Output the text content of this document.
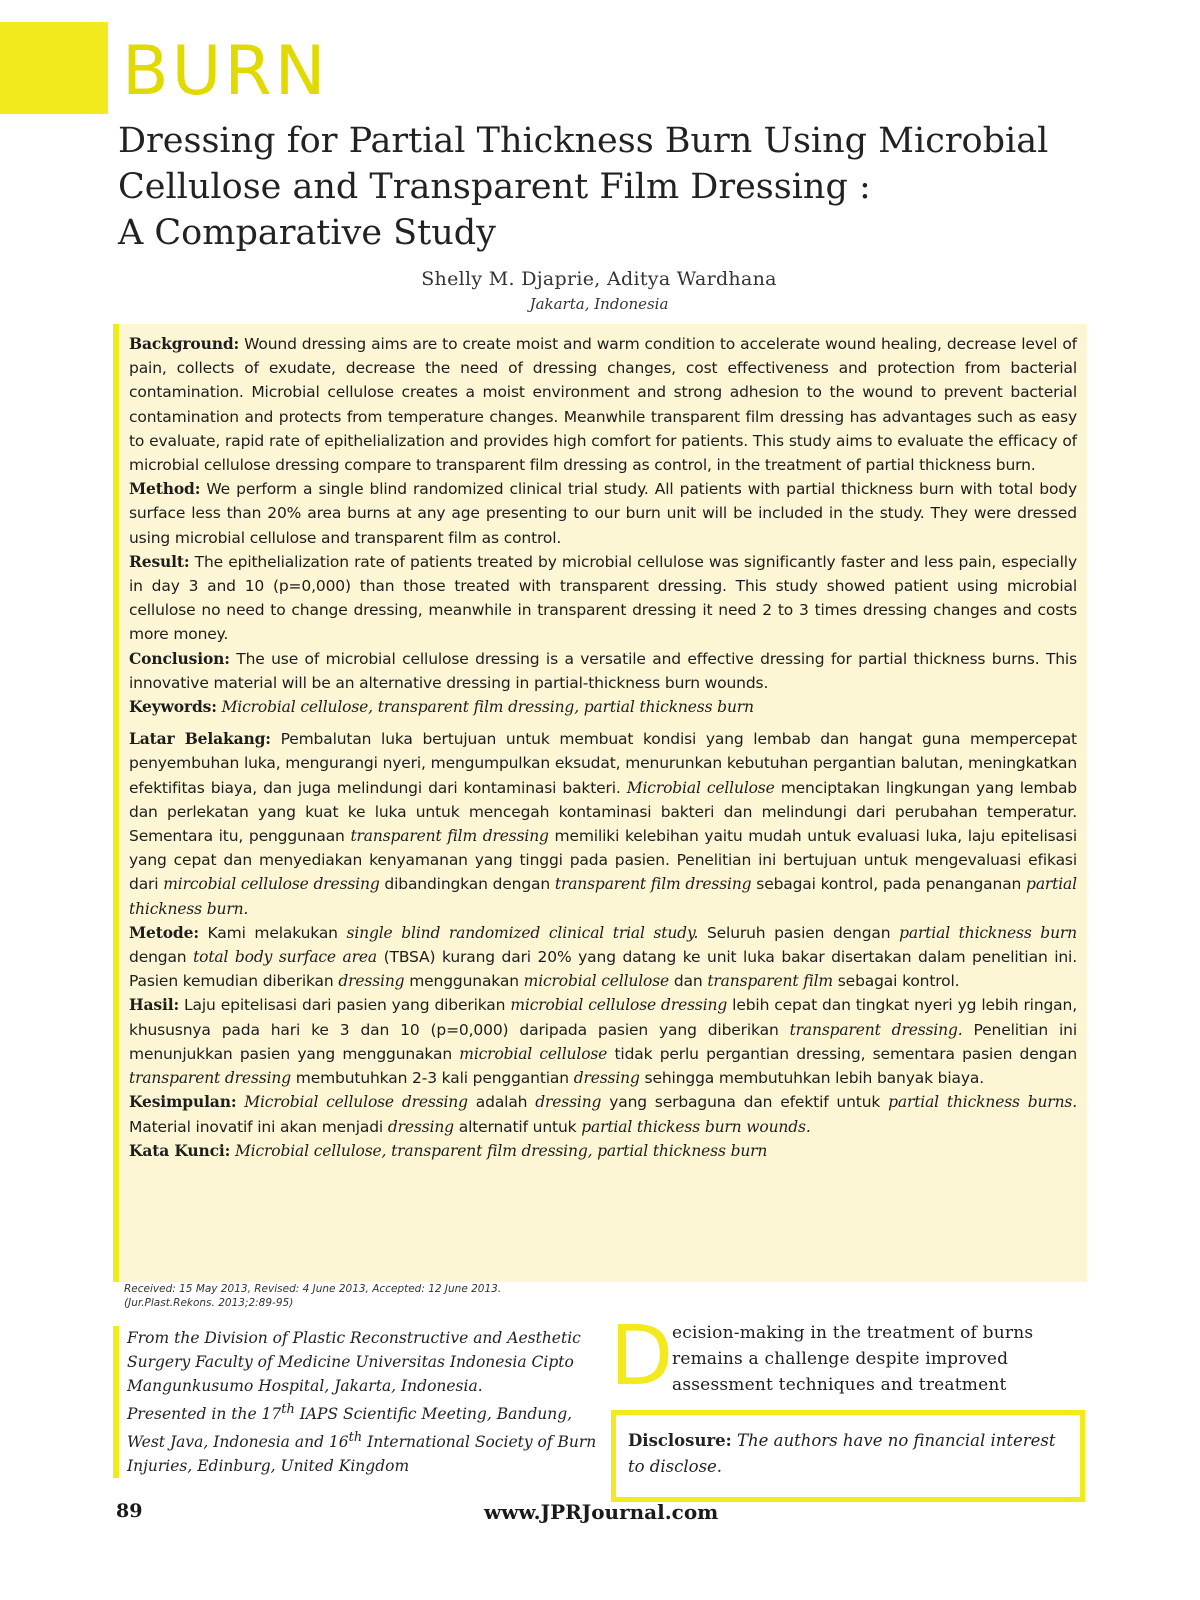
BURN
Dressing for Partial Thickness Burn Using Microbial
Cellulose and Transparent Film Dressing :
A Comparative Study
Shelly M. Djaprie, Aditya Wardhana
Jakarta, Indonesia

Background: Wound dressing aims are to create moist and warm condition to accelerate wound healing, decrease level of pain, collects of exudate, decrease the need of dressing changes, cost effectiveness and protection from bacterial contamination. Microbial cellulose creates a moist environment and strong adhesion to the wound to prevent bacterial contamination and protects from temperature changes. Meanwhile transparent film dressing has advantages such as easy to evaluate, rapid rate of epithelialization and provides high comfort for patients. This study aims to evaluate the efficacy of microbial cellulose dressing compare to transparent film dressing as control, in the treatment of partial thickness burn.

Method: We perform a single blind randomized clinical trial study. All patients with partial thickness burn with total body surface less than 20% area burns at any age presenting to our burn unit will be included in the study. They were dressed using microbial cellulose and transparent film as control.

Result: The epithelialization rate of patients treated by microbial cellulose was significantly faster and less pain, especially in day 3 and 10 (p=0,000) than those treated with transparent dressing. This study showed patient using microbial cellulose no need to change dressing, meanwhile in transparent dressing it need 2 to 3 times dressing changes and costs more money.

Conclusion: The use of microbial cellulose dressing is a versatile and effective dressing for partial thickness burns. This innovative material will be an alternative dressing in partial-thickness burn wounds.

Keywords: Microbial cellulose, transparent film dressing, partial thickness burn

Latar Belakang: Pembalutan luka bertujuan untuk membuat kondisi yang lembab dan hangat guna mempercepat penyembuhan luka, mengurangi nyeri, mengumpulkan eksudat, menurunkan kebutuhan pergantian balutan, meningkatkan efektifitas biaya, dan juga melindungi dari kontaminasi bakteri. Microbial cellulose menciptakan lingkungan yang lembab dan perlekatan yang kuat ke luka untuk mencegah kontaminasi bakteri dan melindungi dari perubahan temperatur. Sementara itu, penggunaan transparent film dressing memiliki kelebihan yaitu mudah untuk evaluasi luka, laju epitelisasi yang cepat dan menyediakan kenyamanan yang tinggi pada pasien. Penelitian ini bertujuan untuk mengevaluasi efikasi dari mircobial cellulose dressing dibandingkan dengan transparent film dressing sebagai kontrol, pada penanganan partial thickness burn.

Metode: Kami melakukan single blind randomized clinical trial study. Seluruh pasien dengan partial thickness burn dengan total body surface area (TBSA) kurang dari 20% yang datang ke unit luka bakar disertakan dalam penelitian ini. Pasien kemudian diberikan dressing menggunakan microbial cellulose dan transparent film sebagai kontrol.

Hasil: Laju epitelisasi dari pasien yang diberikan microbial cellulose dressing lebih cepat dan tingkat nyeri yg lebih ringan, khususnya pada hari ke 3 dan 10 (p=0,000) daripada pasien yang diberikan transparent dressing. Penelitian ini menunjukkan pasien yang menggunakan microbial cellulose tidak perlu pergantian dressing, sementara pasien dengan transparent dressing membutuhkan 2-3 kali penggantian dressing sehingga membutuhkan lebih banyak biaya.

Kesimpulan: Microbial cellulose dressing adalah dressing yang serbaguna dan efektif untuk partial thickness burns. Material inovatif ini akan menjadi dressing alternatif untuk partial thickess burn wounds.

Kata Kunci: Microbial cellulose, transparent film dressing, partial thickness burn

Received: 15 May 2013, Revised: 4 June 2013, Accepted: 12 June 2013.
(Jur.Plast.Rekons. 2013;2:89-95)

From the Division of Plastic Reconstructive and Aesthetic Surgery Faculty of Medicine Universitas Indonesia Cipto Mangunkusumo Hospital, Jakarta, Indonesia.

Presented in the 17th IAPS Scientific Meeting, Bandung, West Java, Indonesia and 16th International Society of Burn Injuries, Edinburg, United Kingdom

D
ecision-making in the treatment of burns
remains a challenge despite improved
assessment techniques and treatment
Disclosure: The authors have no financial interest to disclose.
89	www.JPRJournal.com
